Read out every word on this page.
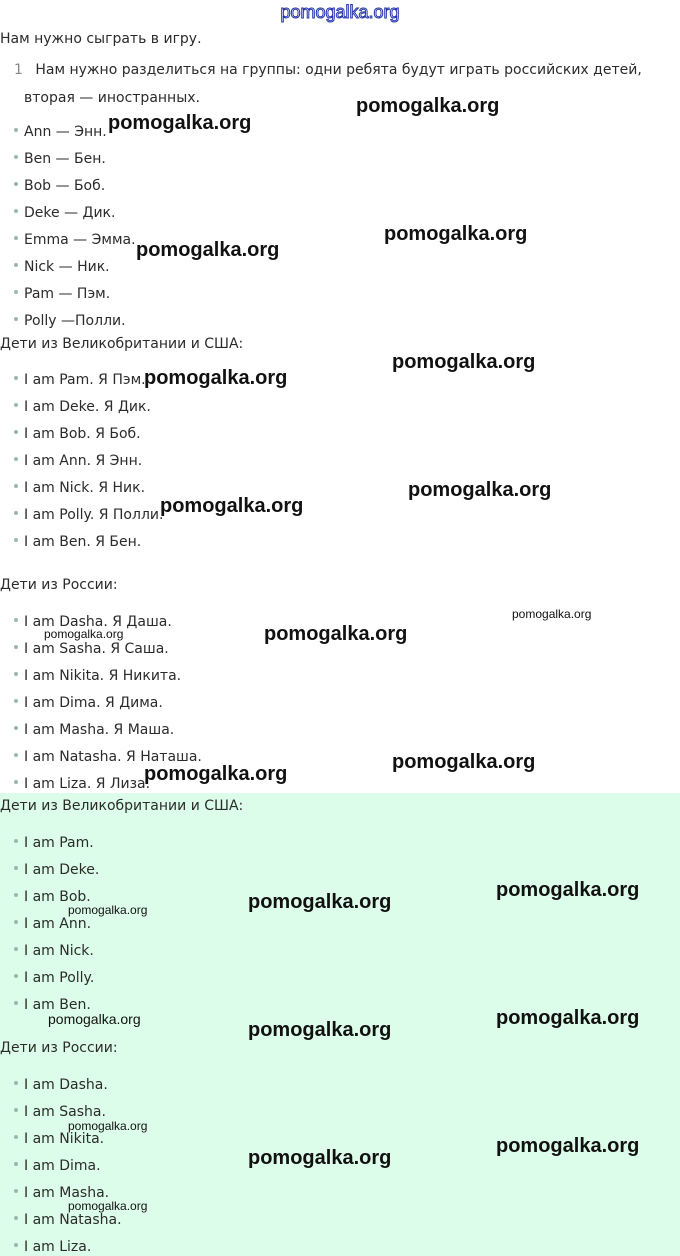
pomogalka.org
Нам нужно сыграть в игру.
1 Нам нужно разделиться на группы: одни ребята будут играть российских детей,
вторая — иностранных.
Ann — Энн.
Ben — Бен.
Bob — Боб.
Deke — Дик.
Emma — Эмма.
Nick — Ник.
Pam — Пэм.
Polly —Полли.
Дети из Великобритании и США:
I am Pam. Я Пэм.
I am Deke. Я Дик.
I am Bob. Я Боб.
I am Ann. Я Энн.
I am Nick. Я Ник.
I am Polly. Я Полли.
I am Ben. Я Бен.
Дети из России:
I am Dasha. Я Даша.
I am Sasha. Я Саша.
I am Nikita. Я Никита.
I am Dima. Я Дима.
I am Masha. Я Маша.
I am Natasha. Я Наташа.
I am Liza. Я Лиза.
Дети из Великобритании и США:
I am Pam.
I am Deke.
I am Bob.
I am Ann.
I am Nick.
I am Polly.
I am Ben.
Дети из России:
I am Dasha.
I am Sasha.
I am Nikita.
I am Dima.
I am Masha.
I am Natasha.
I am Liza.
pomogalka.org
pomogalka.org
pomogalka.org
pomogalka.org
pomogalka.org
pomogalka.org
pomogalka.org
pomogalka.org
pomogalka.org	pomogalka.org
pomogalka.org
pomogalka.org
pomogalka.org
pomogalka.org	pomogalka.org
pomogalka.org
pomogalka.org	pomogalka.org
pomogalka.org
pomogalka.org
pomogalka.org
pomogalka.org
pomogalka.org
